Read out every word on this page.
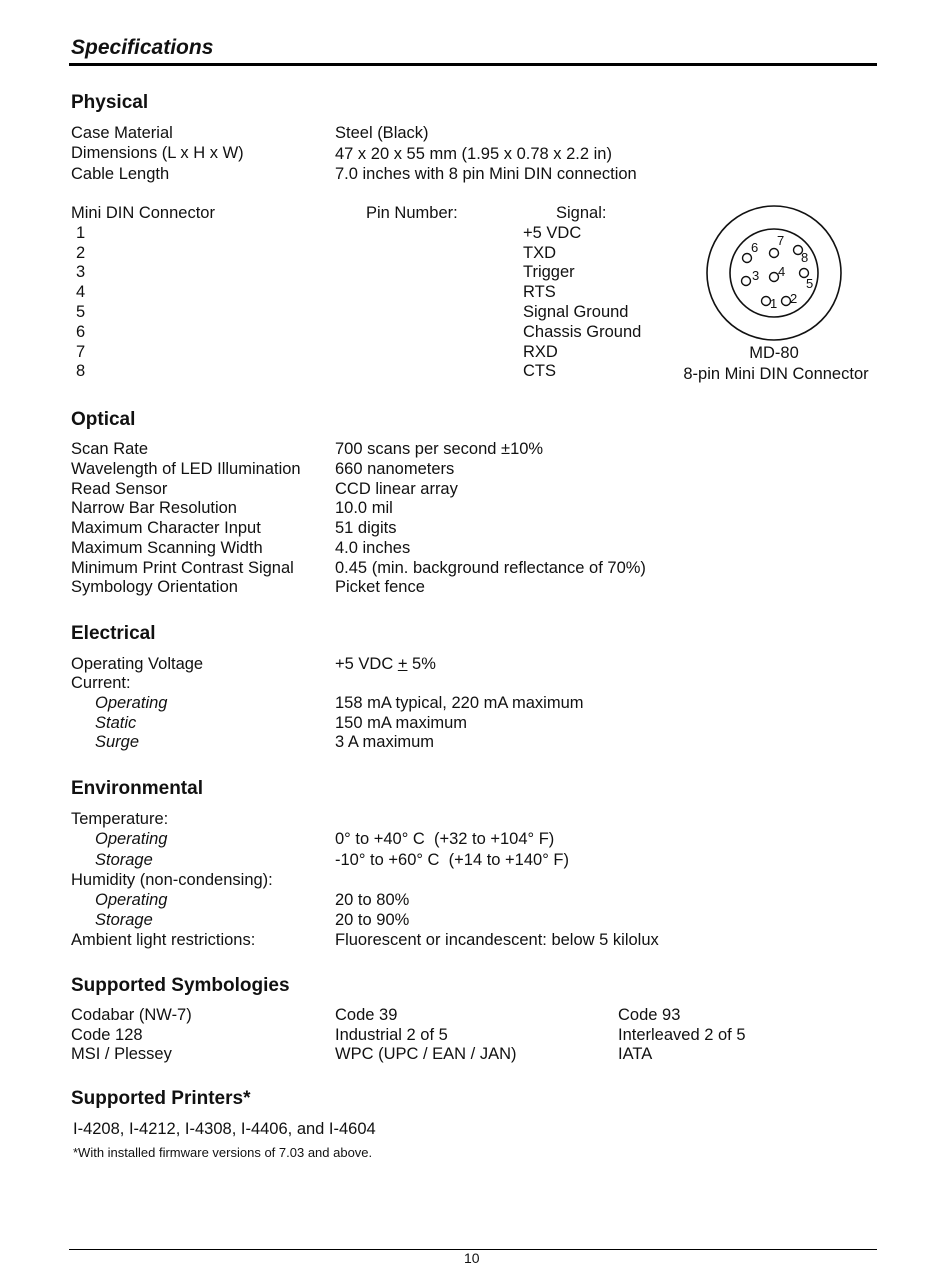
Specifications
Physical
Case Material	Steel (Black)
Dimensions (L x H x W)	47 x 20 x 55 mm (1.95 x 0.78 x 2.2 in)
Cable Length	7.0 inches with 8 pin Mini DIN connection
Mini DIN Connector	Pin Number:	Signal:
1	+5 VDC
2	TXD
3	Trigger
4	RTS
5	Signal Ground
6	Chassis Ground
7	RXD
8	CTS
1 2
3 4
5
6 7
8
MD-80
8-pin Mini DIN Connector
Optical
Scan Rate	700 scans per second ±10%
Wavelength of LED Illumination 660 nanometers
Read Sensor	CCD linear array
Narrow Bar Resolution	10.0 mil
Maximum Character Input	51 digits
Maximum Scanning Width	4.0 inches
Minimum Print Contrast Signal 0.45 (min. background reflectance of 70%)
Symbology Orientation	Picket fence
Electrical
Operating Voltage	+5 VDC + 5%
Current:
Operating	158 mA typical, 220 mA maximum
Static	150 mA maximum
Surge	3 A maximum
Environmental
Temperature:
Operating	0° to +40° C  (+32 to +104° F)
Storage	-10° to +60° C  (+14 to +140° F)
Humidity (non-condensing):
Operating	20 to 80%
Storage	20 to 90%
Ambient light restrictions:	Fluorescent or incandescent: below 5 kilolux
Supported Symbologies
Codabar (NW-7)	Code 39	Code 93
Code 128	Industrial 2 of 5	Interleaved 2 of 5
MSI / Plessey	WPC (UPC / EAN / JAN)	IATA
Supported Printers*
I-4208, I-4212, I-4308, I-4406, and I-4604
*With installed firmware versions of 7.03 and above.
10
